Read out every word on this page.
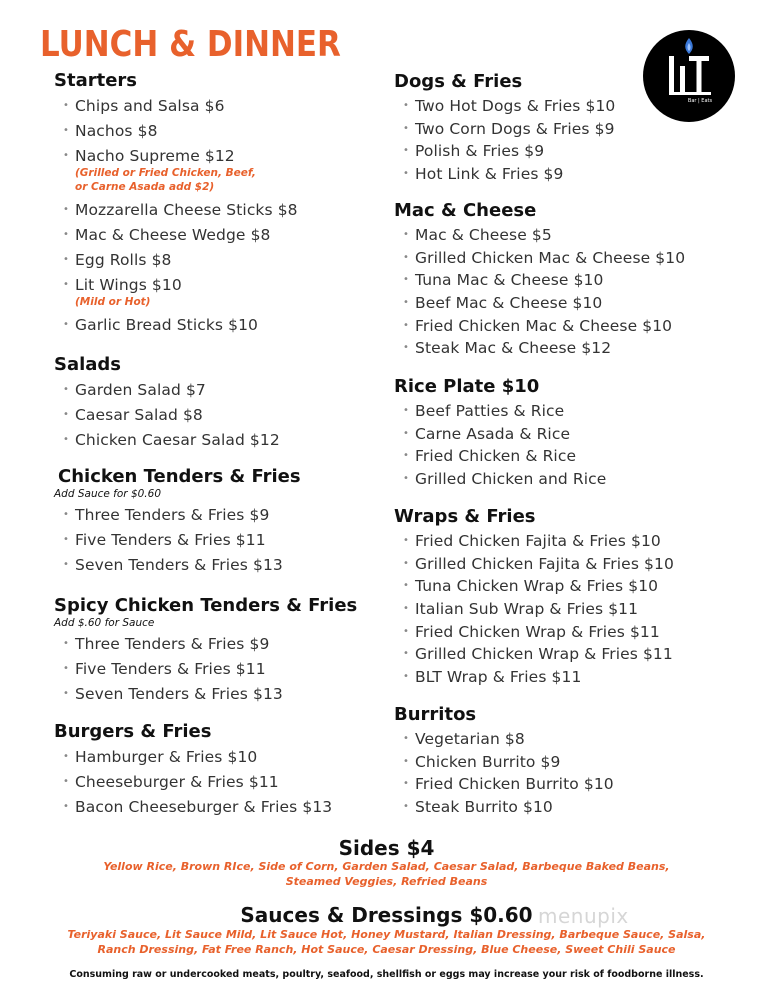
LUNCH & DINNER
Bar | Eats
Starters
• Chips and Salsa $6
• Nachos $8
• Nacho Supreme $12
(Grilled or Fried Chicken, Beef,
or Carne Asada add $2)
• Mozzarella Cheese Sticks $8
• Mac & Cheese Wedge $8
• Egg Rolls $8
• Lit Wings $10
(Mild or Hot)
• Garlic Bread Sticks $10
Salads
• Garden Salad $7
• Caesar Salad $8
• Chicken Caesar Salad $12
Chicken Tenders & Fries
Add Sauce for $0.60
• Three Tenders & Fries $9
• Five Tenders & Fries $11
• Seven Tenders & Fries $13
Spicy Chicken Tenders & Fries
Add $.60 for Sauce
• Three Tenders & Fries $9
• Five Tenders & Fries $11
• Seven Tenders & Fries $13
Burgers & Fries
• Hamburger & Fries $10
• Cheeseburger & Fries $11
• Bacon Cheeseburger & Fries $13
Dogs & Fries
• Two Hot Dogs & Fries $10
• Two Corn Dogs & Fries $9
• Polish & Fries $9
• Hot Link & Fries $9
Mac & Cheese
• Mac & Cheese $5
• Grilled Chicken Mac & Cheese $10
• Tuna Mac & Cheese $10
• Beef Mac & Cheese $10
• Fried Chicken Mac & Cheese $10
• Steak Mac & Cheese $12
Rice Plate $10
• Beef Patties & Rice
• Carne Asada & Rice
• Fried Chicken & Rice
• Grilled Chicken and Rice
Wraps & Fries
• Fried Chicken Fajita & Fries $10
• Grilled Chicken Fajita & Fries $10
• Tuna Chicken Wrap & Fries $10
• Italian Sub Wrap & Fries $11
• Fried Chicken Wrap & Fries $11
• Grilled Chicken Wrap & Fries $11
• BLT Wrap & Fries $11
Burritos
• Vegetarian $8
• Chicken Burrito $9
• Fried Chicken Burrito $10
• Steak Burrito $10
Sides $4
Yellow Rice, Brown RIce, Side of Corn, Garden Salad, Caesar Salad, Barbeque Baked Beans,
Steamed Veggies, Refried Beans
Sauces & Dressings $0.60
Teriyaki Sauce, Lit Sauce Mild, Lit Sauce Hot, Honey Mustard, Italian Dressing, Barbeque Sauce, Salsa,
Ranch Dressing, Fat Free Ranch, Hot Sauce, Caesar Dressing, Blue Cheese, Sweet Chili Sauce
menupix
Consuming raw or undercooked meats, poultry, seafood, shellfish or eggs may increase your risk of foodborne illness.
